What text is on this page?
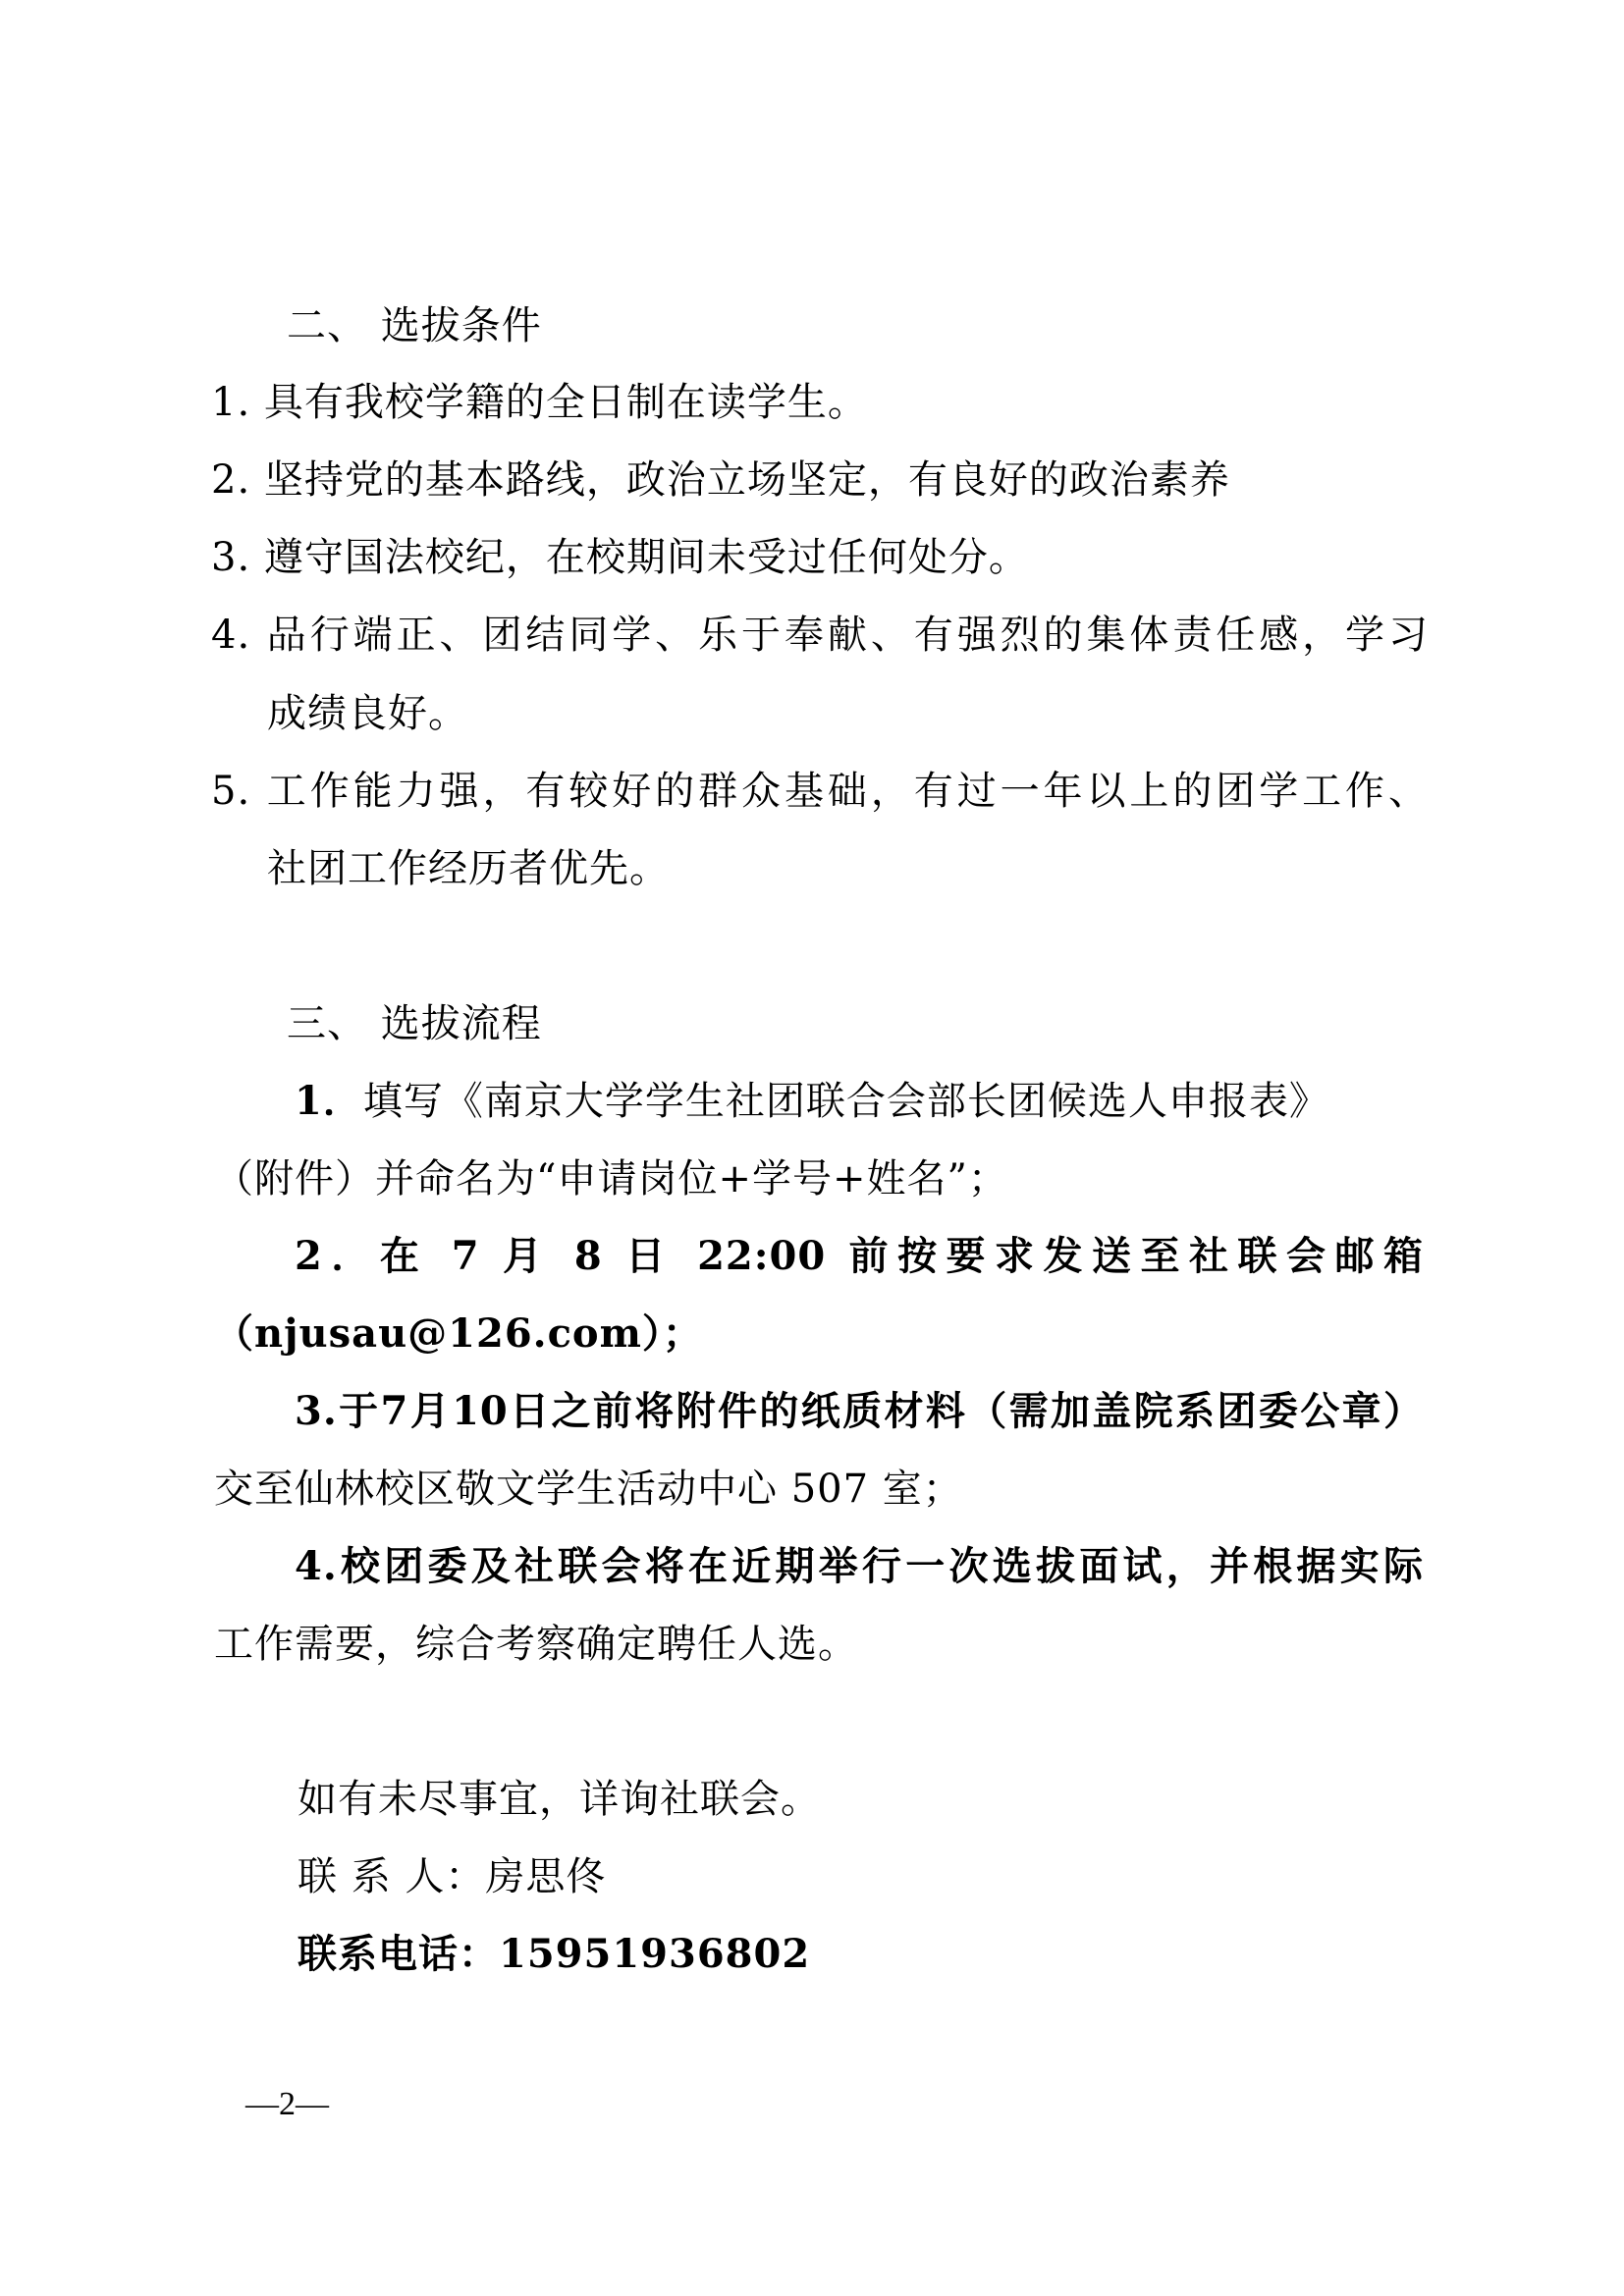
二、 选拔条件
1. 具有我校学籍的全日制在读学生。
2. 坚持党的基本路线，政治立场坚定，有良好的政治素养
3. 遵守国法校纪，在校期间未受过任何处分。
4. 品行端正、团结同学、乐于奉献、有强烈的集体责任感，学习
成绩良好。
5. 工作能力强，有较好的群众基础，有过一年以上的团学工作、
社团工作经历者优先。
三、 选拔流程
1．填写《南京大学学生社团联合会部长团候选人申报表》
（附件）并命名为“申请岗位+学号+姓名”；
2．在 7 月 8 日 22:00 前按要求发送至社联会邮箱
（njusau@126.com）；
3.于7月10日之前将附件的纸质材料（需加盖院系团委公章）
交至仙林校区敬文学生活动中心 507 室；
4.校团委及社联会将在近期举行一次选拔面试，并根据实际
工作需要，综合考察确定聘任人选。
如有未尽事宜，详询社联会。
联 系 人：房思佟
联系电话：15951936802
—2—
